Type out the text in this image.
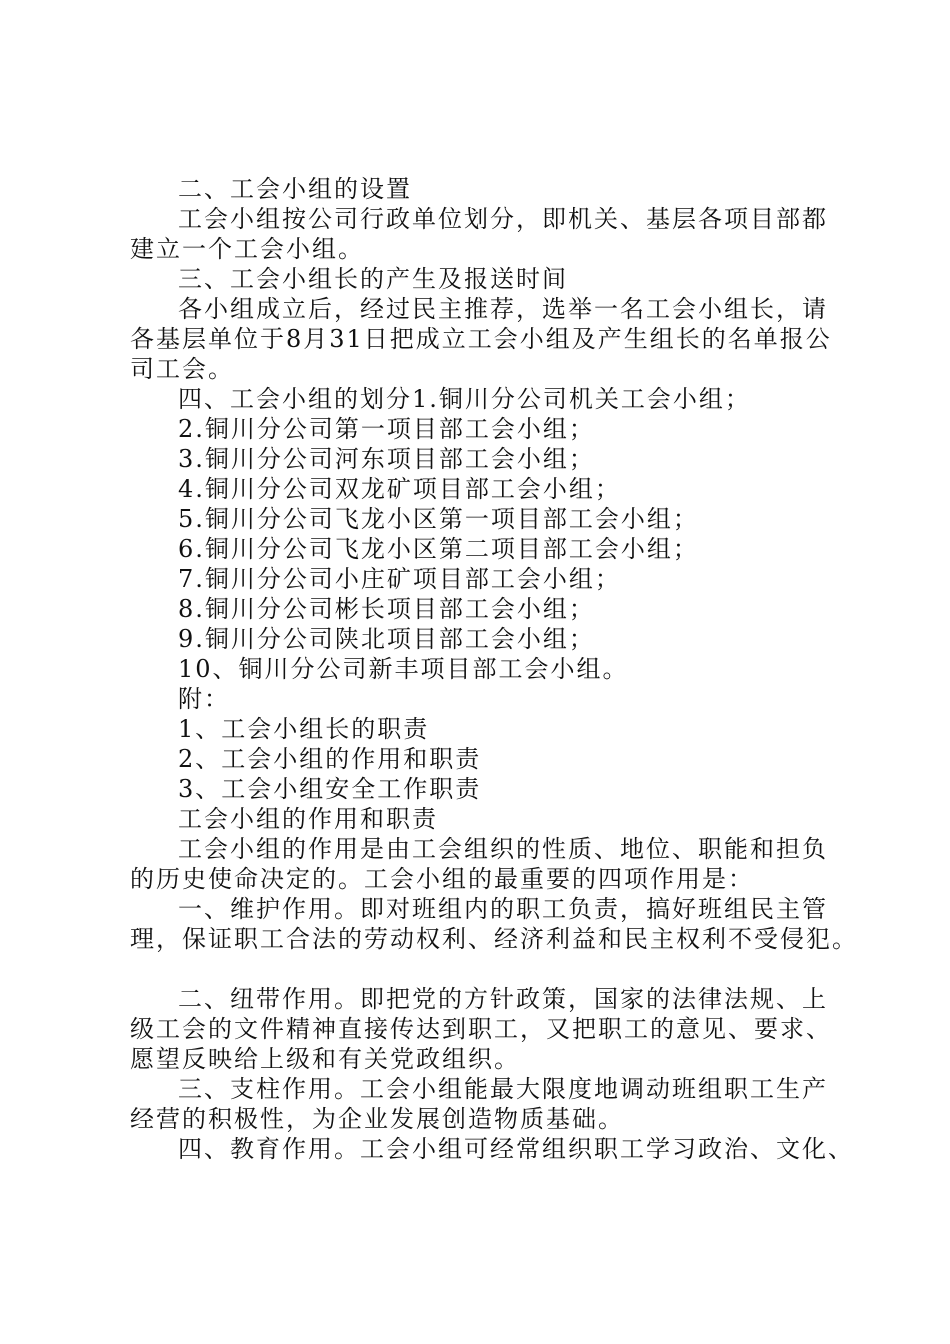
二、工会小组的设置
工会小组按公司行政单位划分，即机关、基层各项目部都
建立一个工会小组。
三、工会小组长的产生及报送时间
各小组成立后，经过民主推荐，选举一名工会小组长，请
各基层单位于8月31日把成立工会小组及产生组长的名单报公
司工会。
四、工会小组的划分1.铜川分公司机关工会小组；
2.铜川分公司第一项目部工会小组；
3.铜川分公司河东项目部工会小组；
4.铜川分公司双龙矿项目部工会小组；
5.铜川分公司飞龙小区第一项目部工会小组；
6.铜川分公司飞龙小区第二项目部工会小组；
7.铜川分公司小庄矿项目部工会小组；
8.铜川分公司彬长项目部工会小组；
9.铜川分公司陕北项目部工会小组；
10、铜川分公司新丰项目部工会小组。
附：
1、工会小组长的职责
2、工会小组的作用和职责
3、工会小组安全工作职责
工会小组的作用和职责
工会小组的作用是由工会组织的性质、地位、职能和担负
的历史使命决定的。工会小组的最重要的四项作用是：
一、维护作用。即对班组内的职工负责，搞好班组民主管
理，保证职工合法的劳动权利、经济利益和民主权利不受侵犯。
二、纽带作用。即把党的方针政策，国家的法律法规、上
级工会的文件精神直接传达到职工，又把职工的意见、要求、
愿望反映给上级和有关党政组织。
三、支柱作用。工会小组能最大限度地调动班组职工生产
经营的积极性，为企业发展创造物质基础。
四、教育作用。工会小组可经常组织职工学习政治、文化、
